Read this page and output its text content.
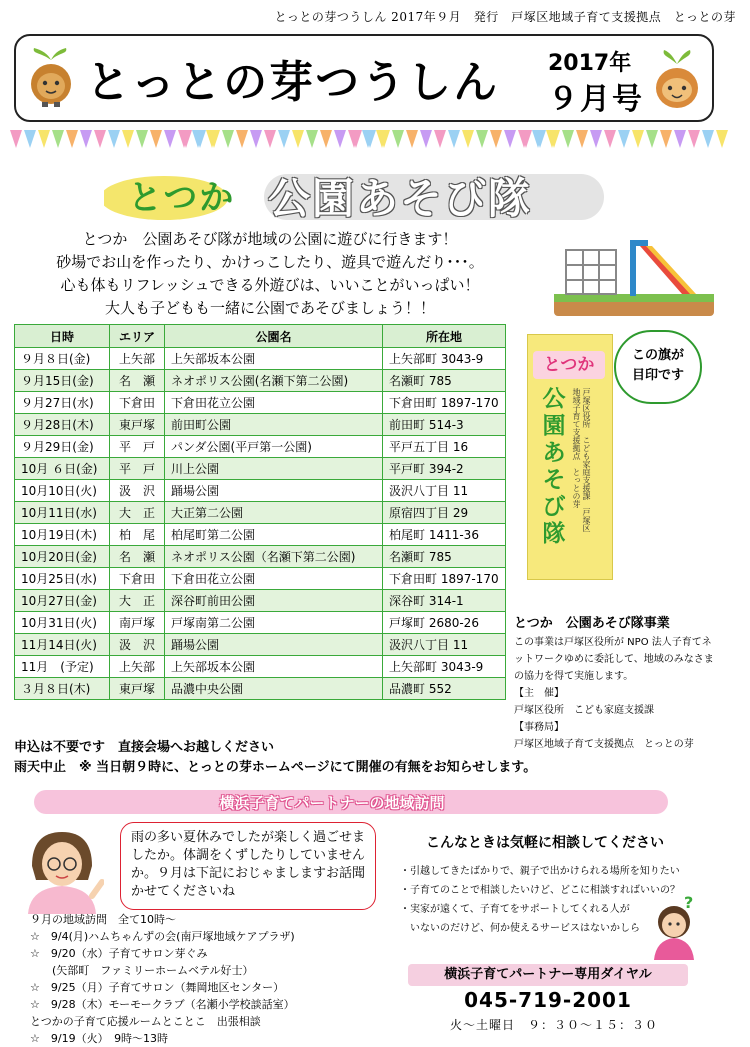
とっとの芽つうしん 2017年９月　発行　戸塚区地域子育て支援拠点　とっとの芽
とっとの芽つうしん 2017年
９月号
とつか 公園あそび隊
とつか　公園あそび隊が地域の公園に遊びに行きます！
砂場でお山を作ったり、かけっこしたり、遊具で遊んだり･･･。
心も体もリフレッシュできる外遊びは、いいことがいっぱい！
大人も子どもも一緒に公園であそびましょう！！
日時	エリア	公園名	所在地
９月８日(金)	上矢部	上矢部坂本公園	上矢部町 3043-9
９月15日(金)	名　瀬	ネオポリス公園(名瀬下第二公園)	名瀬町 785
９月27日(水)	下倉田	下倉田花立公園	下倉田町 1897-170
９月28日(木)	東戸塚	前田町公園	前田町 514-3
９月29日(金)	平　戸	パンダ公園(平戸第一公園)	平戸五丁目 16
10月 ６日(金)	平　戸	川上公園	平戸町 394-2
10月10日(火)	汲　沢	踊場公園	汲沢八丁目 11
10月11日(水)	大　正	大正第二公園	原宿四丁目 29
10月19日(木)	柏　尾	柏尾町第二公園	柏尾町 1411-36
10月20日(金)	名　瀬	ネオポリス公園（名瀬下第二公園)	名瀬町 785
10月25日(水)	下倉田	下倉田花立公園	下倉田町 1897-170
10月27日(金)	大　正	深谷町前田公園	深谷町 314-1
10月31日(火)	南戸塚	戸塚南第二公園	戸塚町 2680-26
11月14日(火)	汲　沢	踊場公園	汲沢八丁目 11
11月　(予定)	上矢部	上矢部坂本公園	上矢部町 3043-9
３月８日(木)	東戸塚	品濃中央公園	品濃町 552
申込は不要です　直接会場へお越しください
雨天中止　※ 当日朝９時に、とっとの芽ホームページにて開催の有無をお知らせします。
とつか
公園あそび隊
戸塚区役所　こども家庭支援課　戸塚区地域子育て支援拠点　とっとの芽
この旗が
目印です
とつか　公園あそび隊事業
この事業は戸塚区役所が NPO 法人子育てネットワークゆめに委託して、地域のみなさまの協力を得て実施します。
【主　催】
戸塚区役所　こども家庭支援課
【事務局】
戸塚区地域子育て支援拠点　とっとの芽
横浜子育てパートナーの地域訪問
雨の多い夏休みでしたが楽しく過ごせましたか。体調をくずしたりしていませんか。９月は下記におじゃましますお話聞かせてくださいね
９月の地域訪問　全て10時～
☆　9/4(月)ハムちゃんずの会(南戸塚地域ケアプラザ)
☆　9/20（水）子育てサロン芽ぐみ
　　(矢部町　ファミリーホームベテル好士）
☆　9/25（月）子育てサロン（舞岡地区センター）
☆　9/28（木）モーモークラブ（名瀬小学校談話室）
とつかの子育て応援ルームとことこ　出張相談
☆　9/19（火）　9時～13時
こんなときは気軽に相談してください
・引越してきたばかりで、親子で出かけられる場所を知りたい
・子育てのことで相談したいけど、どこに相談すればいいの？
・実家が遠くて、子育てをサポートしてくれる人が
　いないのだけど、何か使えるサービスはないかしら
?
横浜子育てパートナー専用ダイヤル
045-719-2001
火～土曜日　９：３０～１５：３０
